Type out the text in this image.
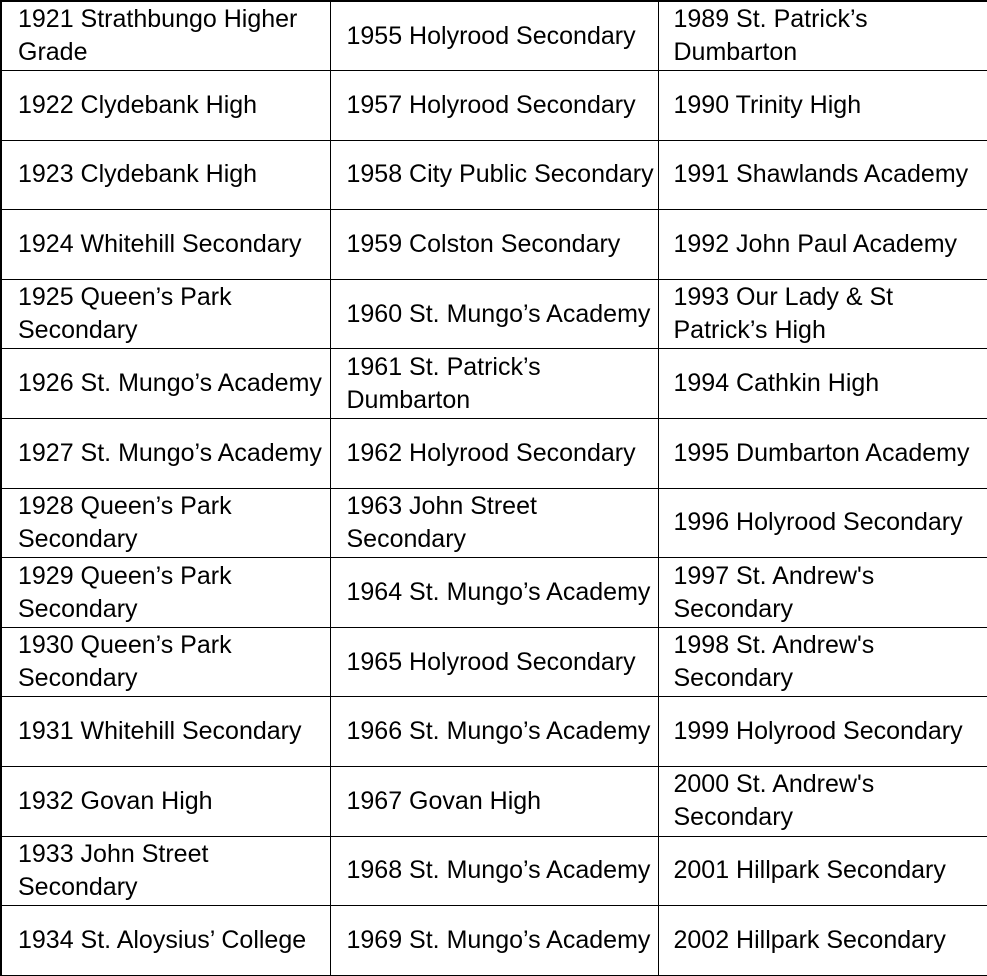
1921 Strathbungo Higher Grade	1955 Holyrood Secondary	1989 St. Patrick’s Dumbarton

1922 Clydebank High	1957 Holyrood Secondary	1990 Trinity High

1923 Clydebank High	1958 City Public Secondary	1991 Shawlands Academy

1924 Whitehill Secondary	1959 Colston Secondary	1992 John Paul Academy

1925 Queen’s Park Secondary	1960 St. Mungo’s Academy	1993 Our Lady & St Patrick’s High

1926 St. Mungo’s Academy	1961 St. Patrick’s Dumbarton	1994 Cathkin High

1927 St. Mungo’s Academy	1962 Holyrood Secondary	1995 Dumbarton Academy

1928 Queen’s Park Secondary	1963 John Street Secondary	1996 Holyrood Secondary

1929 Queen’s Park Secondary	1964 St. Mungo’s Academy	1997 St. Andrew's Secondary

1930 Queen’s Park Secondary	1965 Holyrood Secondary	1998 St. Andrew's Secondary

1931 Whitehill Secondary	1966 St. Mungo’s Academy	1999 Holyrood Secondary

1932 Govan High	1967 Govan High	2000 St. Andrew's Secondary

1933 John Street Secondary	1968 St. Mungo’s Academy	2001 Hillpark Secondary

1934 St. Aloysius’ College	1969 St. Mungo’s Academy	2002 Hillpark Secondary
